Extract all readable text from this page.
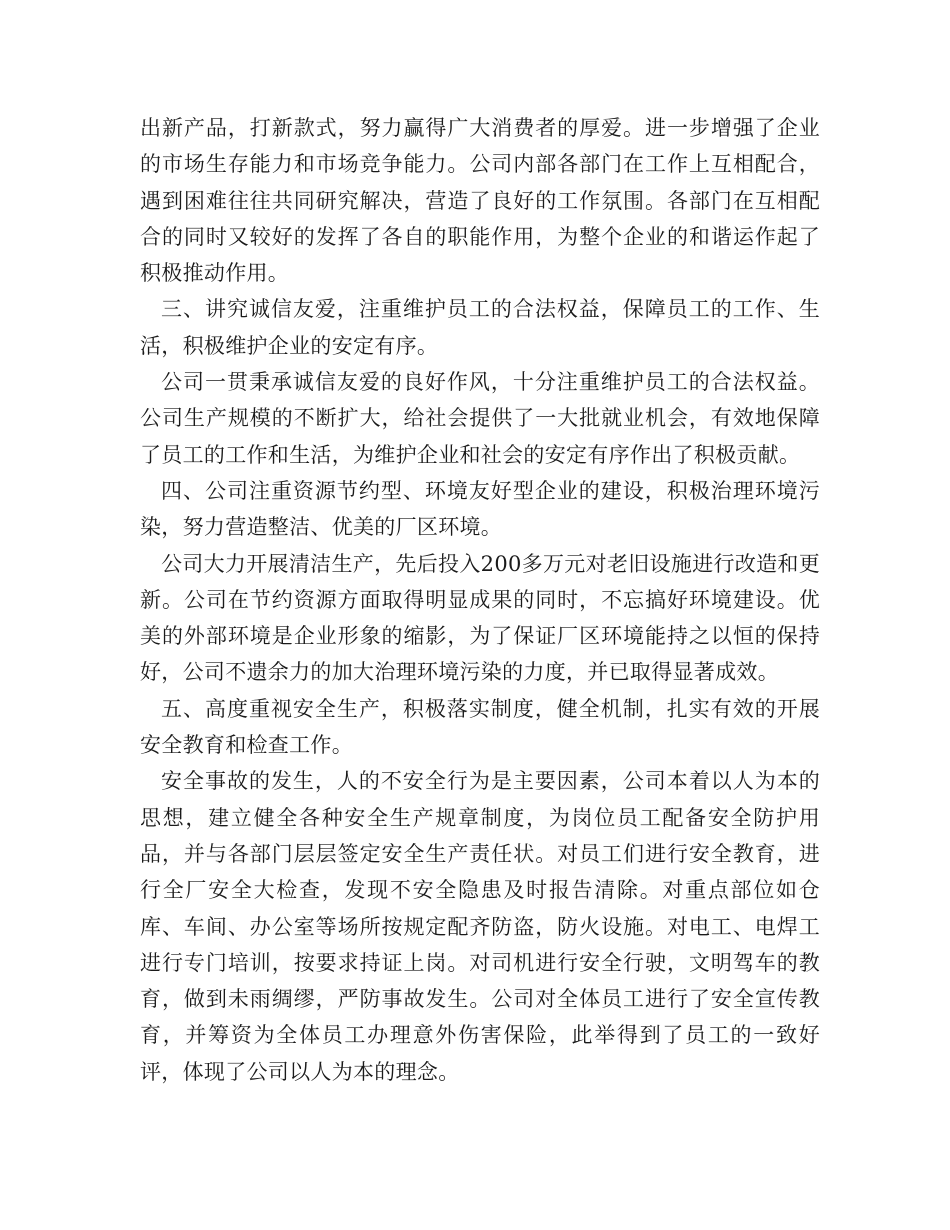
出新产品，打新款式，努力赢得广大消费者的厚爱。进一步增强了企业的市场生存能力和市场竞争能力。公司内部各部门在工作上互相配合，遇到困难往往共同研究解决，营造了良好的工作氛围。各部门在互相配合的同时又较好的发挥了各自的职能作用，为整个企业的和谐运作起了积极推动作用。

三、讲究诚信友爱，注重维护员工的合法权益，保障员工的工作、生活，积极维护企业的安定有序。

公司一贯秉承诚信友爱的良好作风，十分注重维护员工的合法权益。公司生产规模的不断扩大，给社会提供了一大批就业机会，有效地保障了员工的工作和生活，为维护企业和社会的安定有序作出了积极贡献。

四、公司注重资源节约型、环境友好型企业的建设，积极治理环境污染，努力营造整洁、优美的厂区环境。

公司大力开展清洁生产，先后投入200多万元对老旧设施进行改造和更新。公司在节约资源方面取得明显成果的同时，不忘搞好环境建设。优美的外部环境是企业形象的缩影，为了保证厂区环境能持之以恒的保持好，公司不遗余力的加大治理环境污染的力度，并已取得显著成效。

五、高度重视安全生产，积极落实制度，健全机制，扎实有效的开展安全教育和检查工作。

安全事故的发生，人的不安全行为是主要因素，公司本着以人为本的思想，建立健全各种安全生产规章制度，为岗位员工配备安全防护用品，并与各部门层层签定安全生产责任状。对员工们进行安全教育，进行全厂安全大检查，发现不安全隐患及时报告清除。对重点部位如仓库、车间、办公室等场所按规定配齐防盗，防火设施。对电工、电焊工进行专门培训，按要求持证上岗。对司机进行安全行驶，文明驾车的教育，做到未雨绸缪，严防事故发生。公司对全体员工进行了安全宣传教育，并筹资为全体员工办理意外伤害保险，此举得到了员工的一致好评，体现了公司以人为本的理念。
